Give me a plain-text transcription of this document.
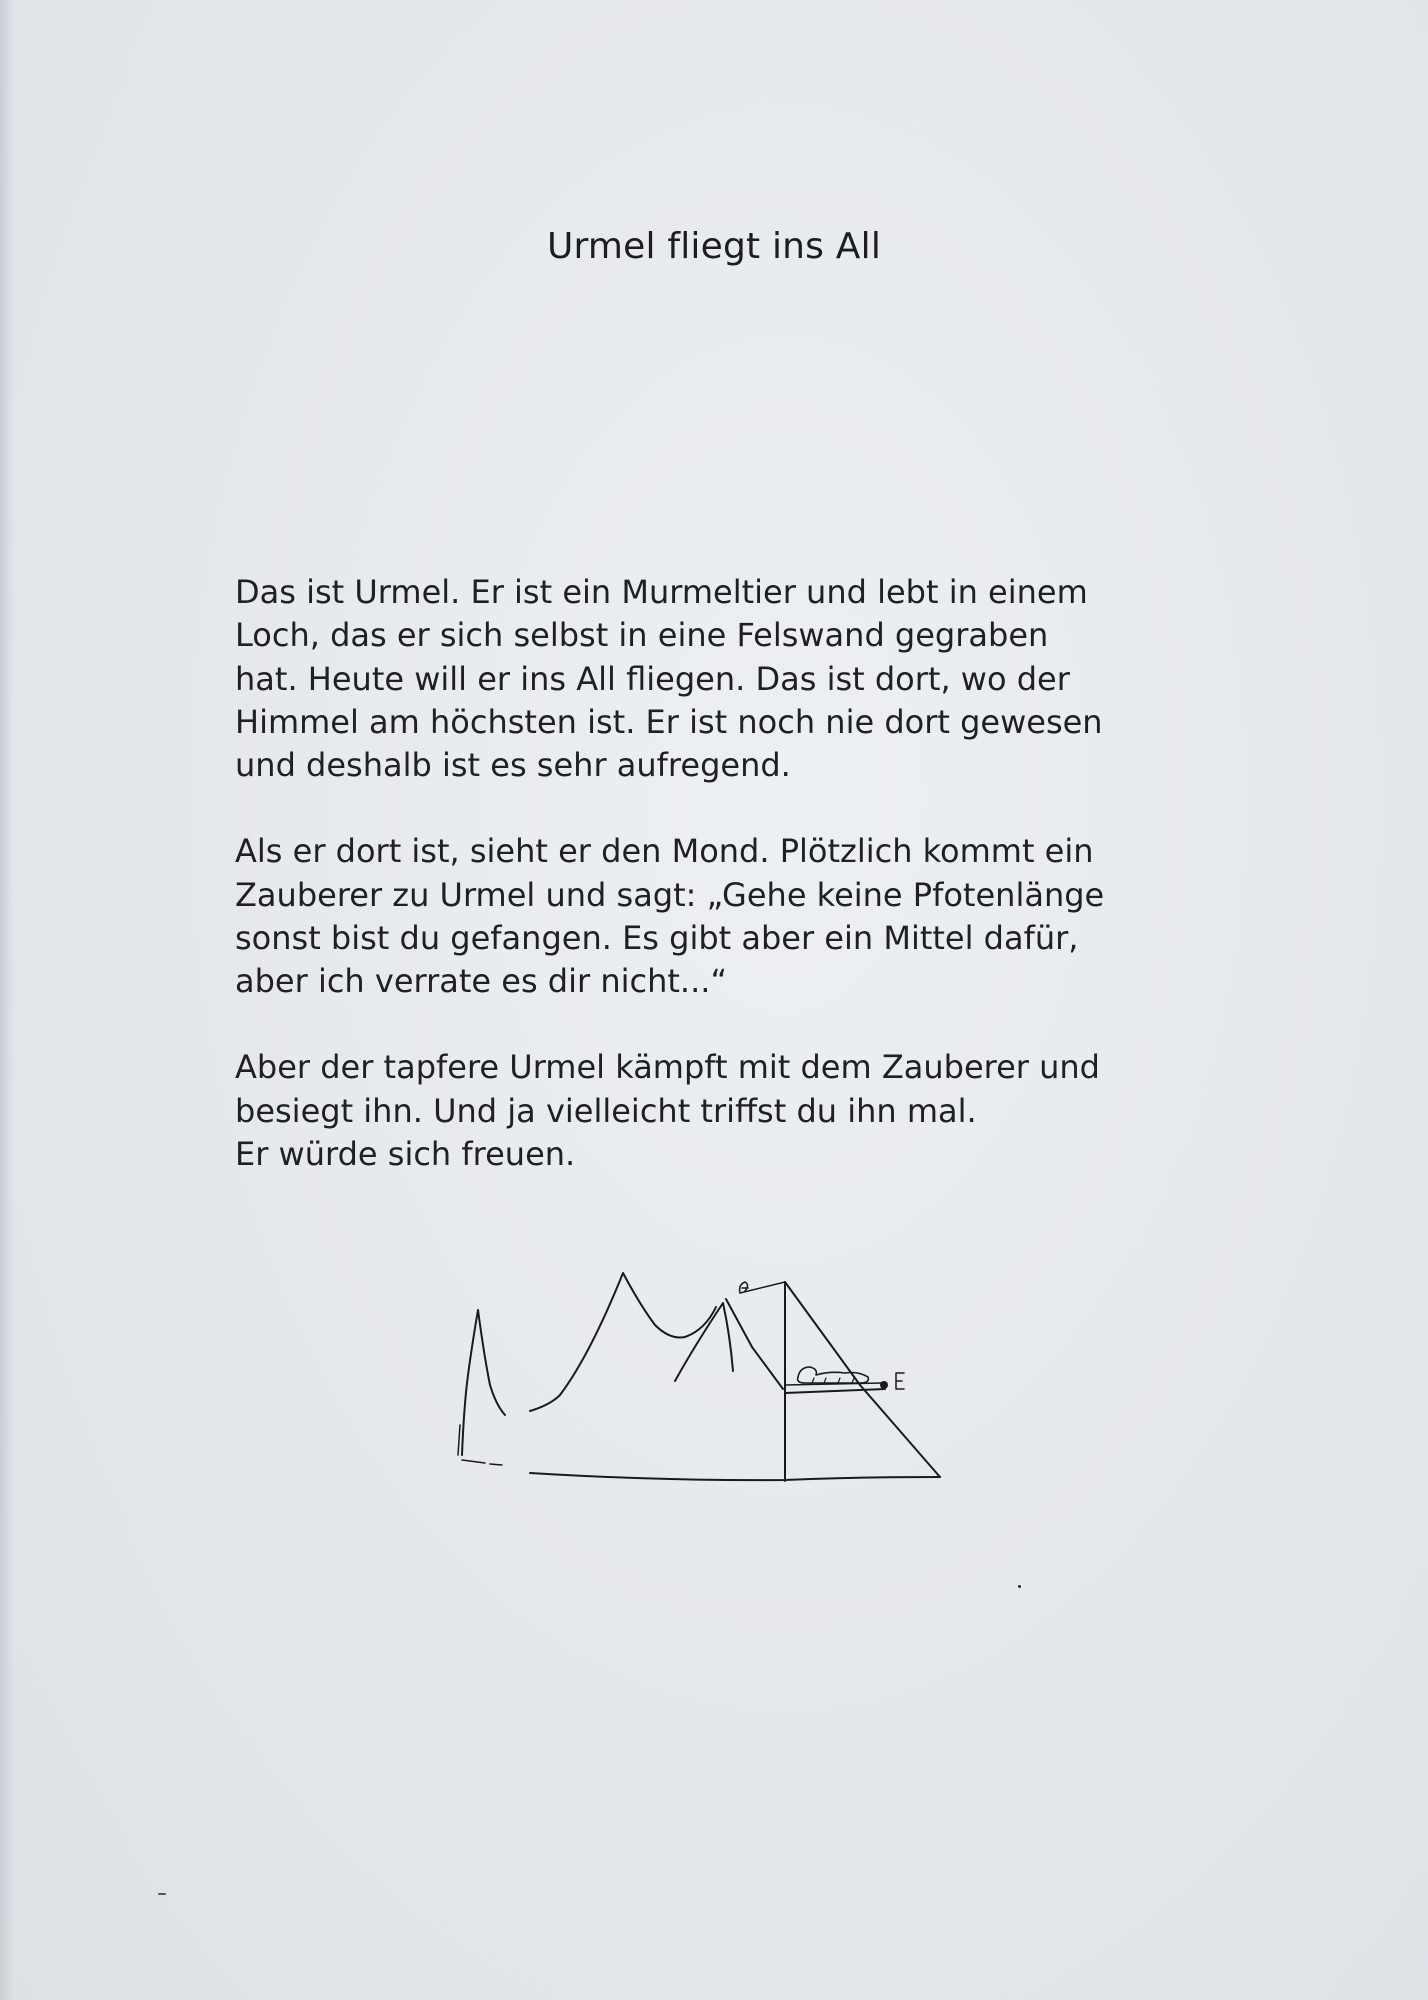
Urmel fliegt ins All

Das ist Urmel. Er ist ein Murmeltier und lebt in einem
Loch, das er sich selbst in eine Felswand gegraben
hat. Heute will er ins All fliegen. Das ist dort, wo der
Himmel am höchsten ist. Er ist noch nie dort gewesen
und deshalb ist es sehr aufregend.

Als er dort ist, sieht er den Mond. Plötzlich kommt ein
Zauberer zu Urmel und sagt: „Gehe keine Pfotenlänge
sonst bist du gefangen. Es gibt aber ein Mittel dafür,
aber ich verrate es dir nicht...“

Aber der tapfere Urmel kämpft mit dem Zauberer und
besiegt ihn. Und ja vielleicht triffst du ihn mal.
Er würde sich freuen.
